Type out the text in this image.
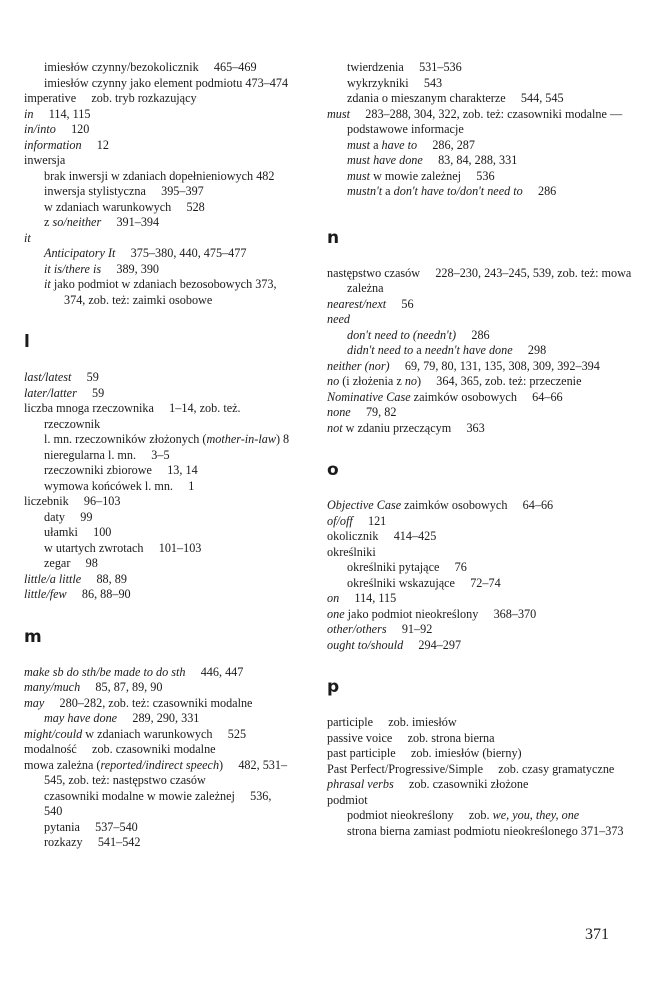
imiesłów czynny/bezokolicznik  465–469
imiesłów czynny jako element podmiotu 473–474
imperative  zob. tryb rozkazujący
in  114, 115
in/into  120
information  12
inwersja
brak inwersji w zdaniach dopełnieniowych 482
inwersja stylistyczna  395–397
w zdaniach warunkowych  528
z so/neither  391–394
it
Anticipatory It  375–380, 440, 475–477
it is/there is  389, 390
it jako podmiot w zdaniach bezosobowych 373, 374, zob. też: zaimki osobowe
l
last/latest  59
later/latter  59
liczba mnoga rzeczownika  1–14, zob. też. rzeczownik
l. mn. rzeczowników złożonych (mother-in-law) 8
nieregularna l. mn.  3–5
rzeczowniki zbiorowe  13, 14
wymowa końcówek l. mn.  1
liczebnik  96–103
daty  99
ułamki  100
w utartych zwrotach  101–103
zegar  98
little/a little  88, 89
little/few  86, 88–90
m
make sb do sth/be made to do sth  446, 447
many/much  85, 87, 89, 90
may  280–282, zob. też: czasowniki modalne
may have done  289, 290, 331
might/could w zdaniach warunkowych  525
modalność  zob. czasowniki modalne
mowa zależna (reported/indirect speech)  482, 531–545, zob. też: następstwo czasów
czasowniki modalne w mowie zależnej  536, 540
pytania  537–540
rozkazy  541–542
twierdzenia  531–536
wykrzykniki  543
zdania o mieszanym charakterze  544, 545
must  283–288, 304, 322, zob. też: czasowniki modalne — podstawowe informacje
must a have to  286, 287
must have done  83, 84, 288, 331
must w mowie zależnej  536
mustn't a don't have to/don't need to  286
n
następstwo czasów  228–230, 243–245, 539, zob. też: mowa zależna
nearest/next  56
need
don't need to (needn't)  286
didn't need to a needn't have done  298
neither (nor)  69, 79, 80, 131, 135, 308, 309, 392–394
no (i złożenia z no)  364, 365, zob. też: przeczenie
Nominative Case zaimków osobowych  64–66
none  79, 82
not w zdaniu przeczącym  363
o
Objective Case zaimków osobowych  64–66
of/off  121
okolicznik  414–425
określniki
określniki pytające  76
określniki wskazujące  72–74
on  114, 115
one jako podmiot nieokreślony  368–370
other/others  91–92
ought to/should  294–297
p
participle  zob. imiesłów
passive voice  zob. strona bierna
past participle  zob. imiesłów (bierny)
Past Perfect/Progressive/Simple  zob. czasy gramatyczne
phrasal verbs  zob. czasowniki złożone
podmiot
podmiot nieokreślony  zob. we, you, they, one
strona bierna zamiast podmiotu nieokreślonego 371–373
371
